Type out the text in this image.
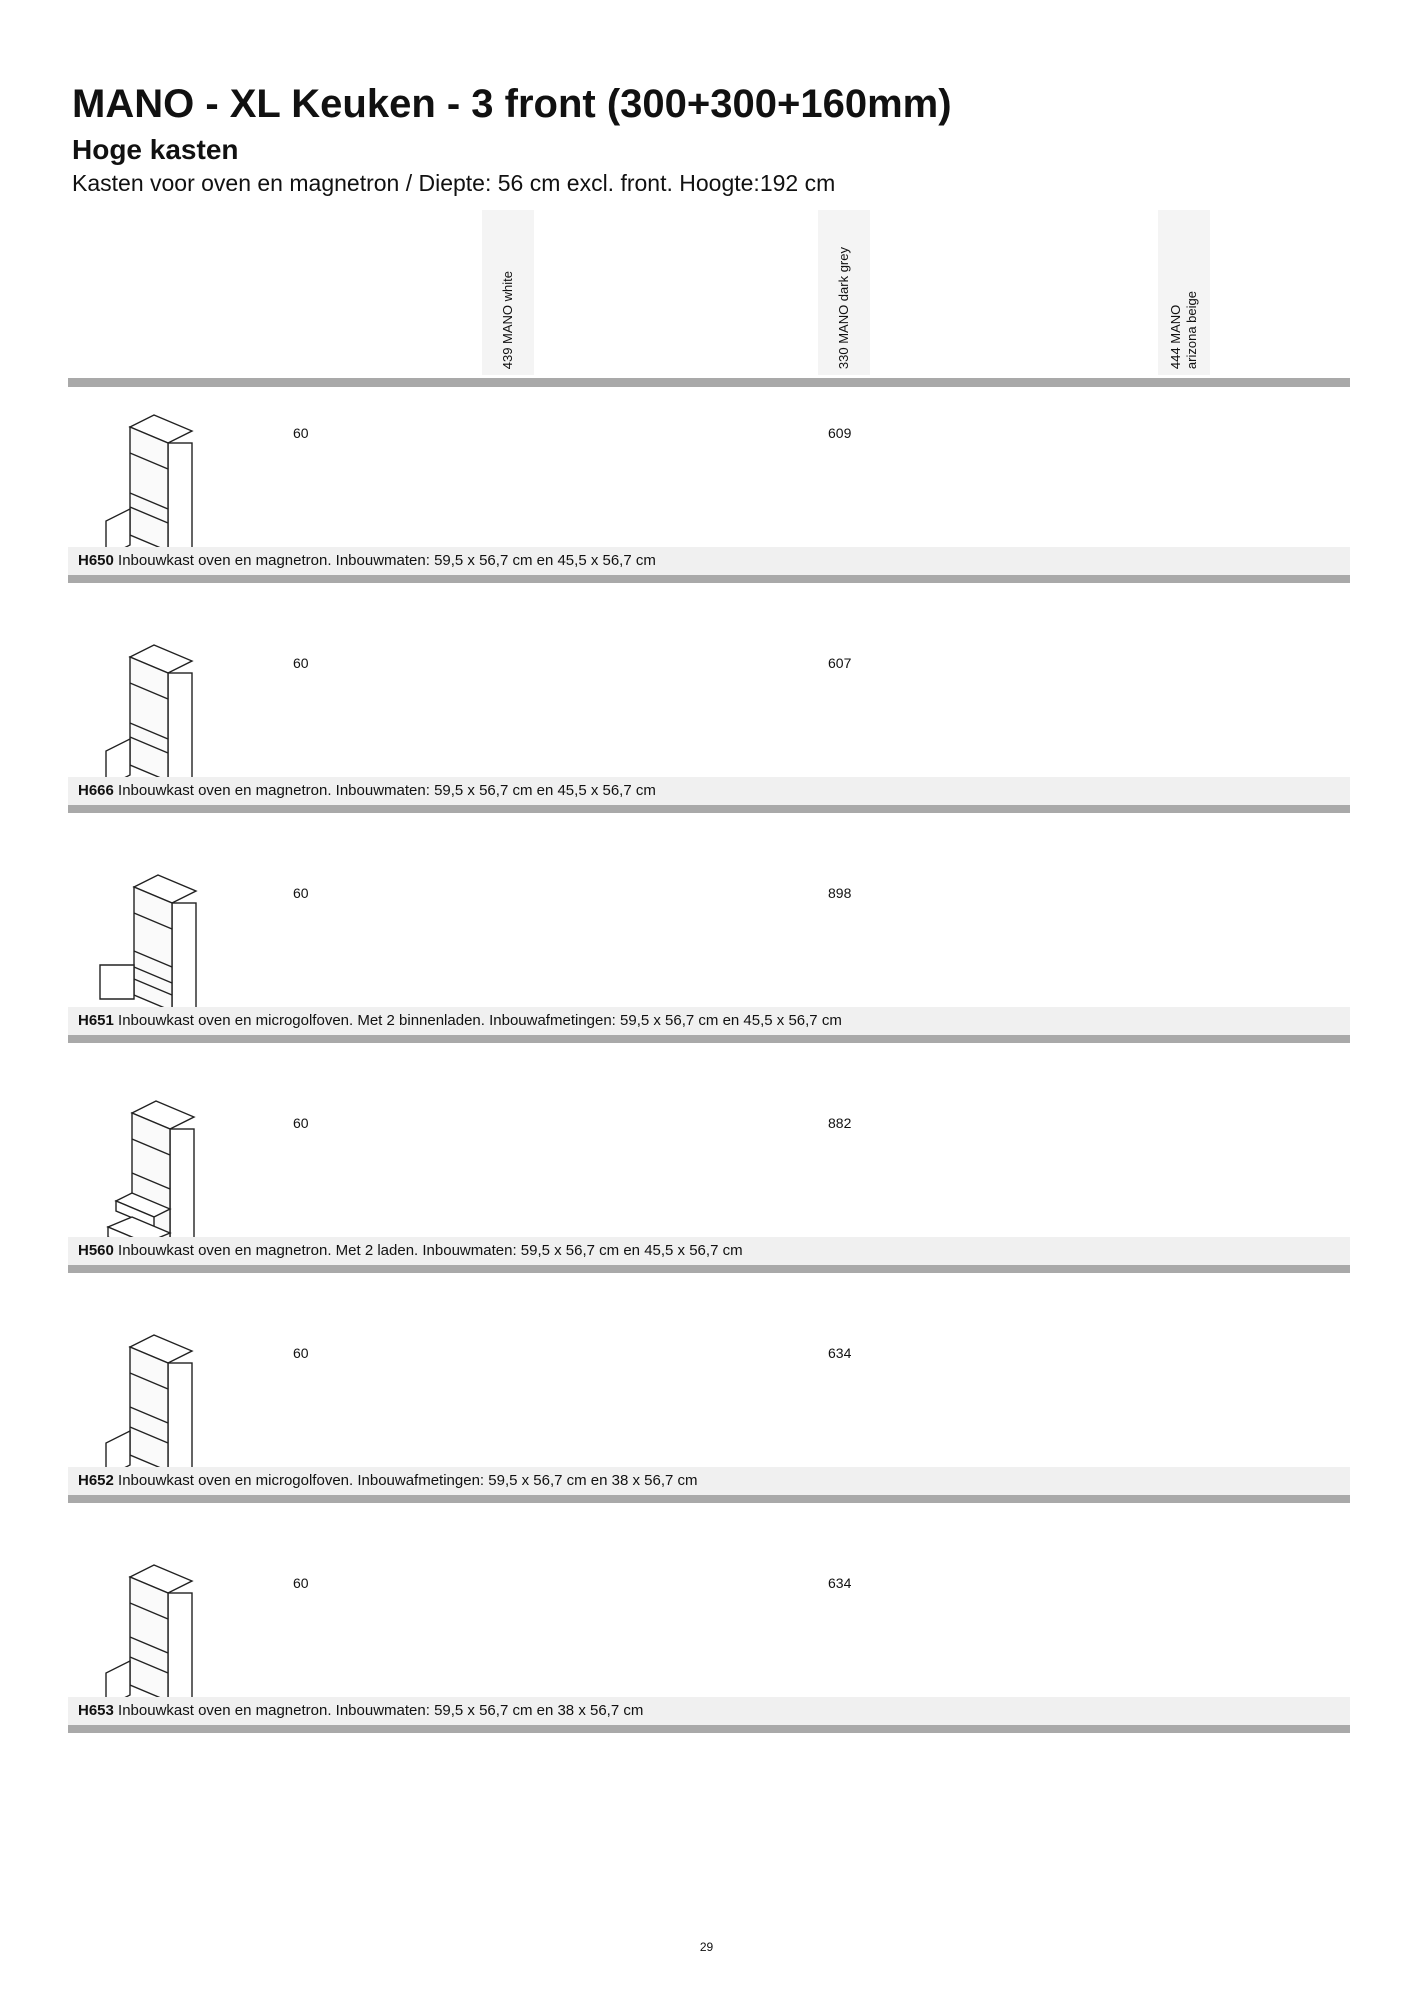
MANO - XL Keuken - 3 front (300+300+160mm)
Hoge kasten

Kasten voor oven en magnetron / Diepte: 56 cm excl. front. Hoogte:192 cm

439 MANO white	330 MANO dark grey	444 MANO
arizona beige
60	609
H650 Inbouwkast oven en magnetron. Inbouwmaten: 59,5 x 56,7 cm en 45,5 x 56,7 cm
60	607
H666 Inbouwkast oven en magnetron. Inbouwmaten: 59,5 x 56,7 cm en 45,5 x 56,7 cm
60	898
H651 Inbouwkast oven en microgolfoven. Met 2 binnenladen. Inbouwafmetingen: 59,5 x 56,7 cm en 45,5 x 56,7 cm
60	882
H560 Inbouwkast oven en magnetron. Met 2 laden. Inbouwmaten: 59,5 x 56,7 cm en 45,5 x 56,7 cm
60	634
H652 Inbouwkast oven en microgolfoven. Inbouwafmetingen: 59,5 x 56,7 cm en 38 x 56,7 cm
60	634
H653 Inbouwkast oven en magnetron. Inbouwmaten: 59,5 x 56,7 cm en 38 x 56,7 cm
29
